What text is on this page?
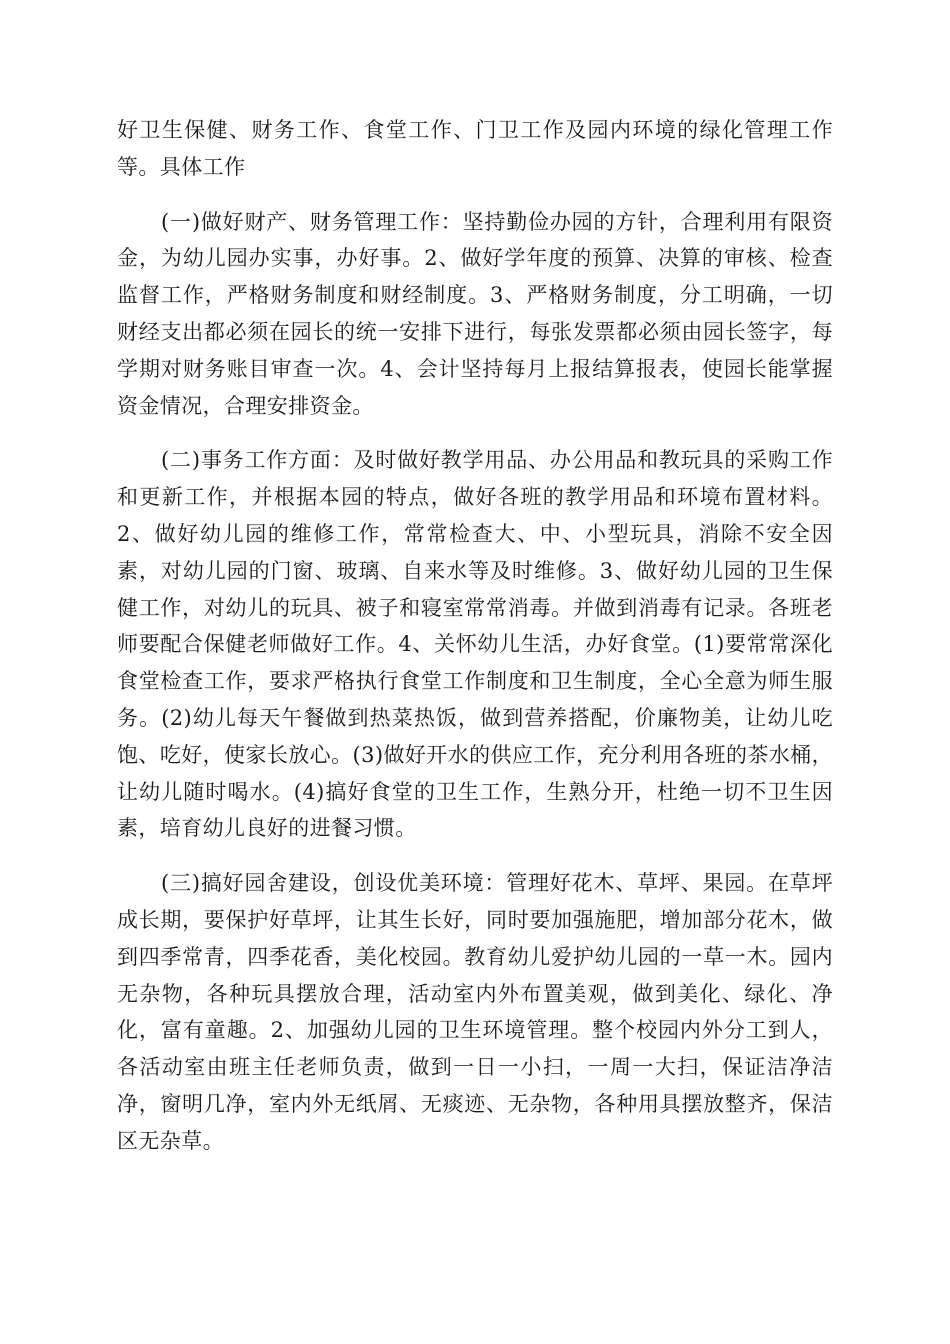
好卫生保健、财务工作、食堂工作、门卫工作及园内环境的绿化管理工作等。具体工作

(一)做好财产、财务管理工作：坚持勤俭办园的方针，合理利用有限资金，为幼儿园办实事，办好事。2、做好学年度的预算、决算的审核、检查监督工作，严格财务制度和财经制度。3、严格财务制度，分工明确，一切财经支出都必须在园长的统一安排下进行，每张发票都必须由园长签字，每学期对财务账目审查一次。4、会计坚持每月上报结算报表，使园长能掌握资金情况，合理安排资金。

(二)事务工作方面：及时做好教学用品、办公用品和教玩具的采购工作和更新工作，并根据本园的特点，做好各班的教学用品和环境布置材料。2、做好幼儿园的维修工作，常常检查大、中、小型玩具，消除不安全因素，对幼儿园的门窗、玻璃、自来水等及时维修。3、做好幼儿园的卫生保健工作，对幼儿的玩具、被子和寝室常常消毒。并做到消毒有记录。各班老师要配合保健老师做好工作。4、关怀幼儿生活，办好食堂。(1)要常常深化食堂检查工作，要求严格执行食堂工作制度和卫生制度，全心全意为师生服务。(2)幼儿每天午餐做到热菜热饭，做到营养搭配，价廉物美，让幼儿吃饱、吃好，使家长放心。(3)做好开水的供应工作，充分利用各班的茶水桶，让幼儿随时喝水。(4)搞好食堂的卫生工作，生熟分开，杜绝一切不卫生因素，培育幼儿良好的进餐习惯。

(三)搞好园舍建设，创设优美环境：管理好花木、草坪、果园。在草坪成长期，要保护好草坪，让其生长好，同时要加强施肥，增加部分花木，做到四季常青，四季花香，美化校园。教育幼儿爱护幼儿园的一草一木。园内无杂物，各种玩具摆放合理，活动室内外布置美观，做到美化、绿化、净化，富有童趣。2、加强幼儿园的卫生环境管理。整个校园内外分工到人，各活动室由班主任老师负责，做到一日一小扫，一周一大扫，保证洁净洁净，窗明几净，室内外无纸屑、无痰迹、无杂物，各种用具摆放整齐，保洁区无杂草。
